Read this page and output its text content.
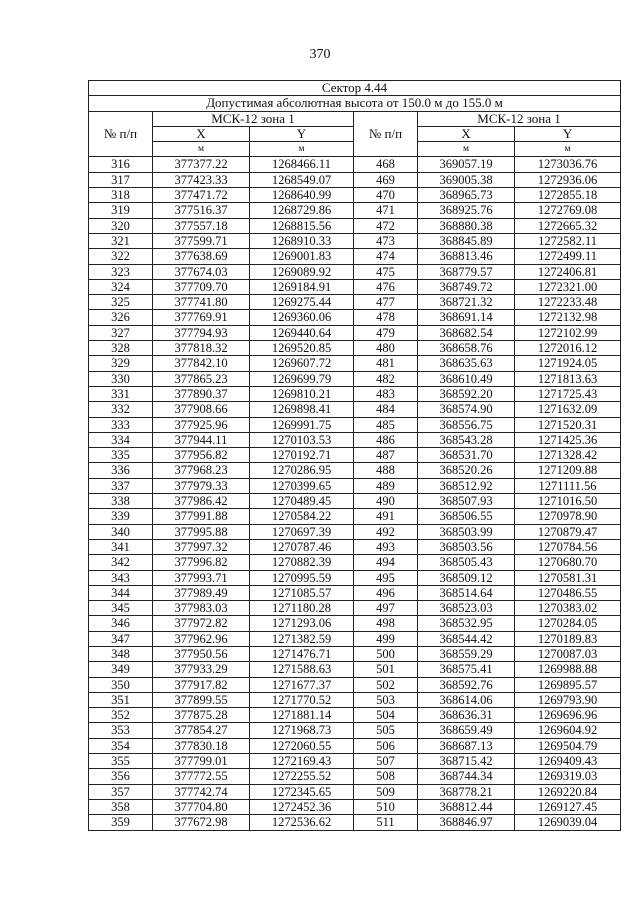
370
Сектор 4.44					
Допустимая абсолютная высота от 150.0 м до 155.0 м					
№ п/п	МСК-12 зона 1		№ п/п	МСК-12 зона 1	
	X	Y		X	Y
	м	м		м	м
316	377377.22	1268466.11	468	369057.19	1273036.76
317	377423.33	1268549.07	469	369005.38	1272936.06
318	377471.72	1268640.99	470	368965.73	1272855.18
319	377516.37	1268729.86	471	368925.76	1272769.08
320	377557.18	1268815.56	472	368880.38	1272665.32
321	377599.71	1268910.33	473	368845.89	1272582.11
322	377638.69	1269001.83	474	368813.46	1272499.11
323	377674.03	1269089.92	475	368779.57	1272406.81
324	377709.70	1269184.91	476	368749.72	1272321.00
325	377741.80	1269275.44	477	368721.32	1272233.48
326	377769.91	1269360.06	478	368691.14	1272132.98
327	377794.93	1269440.64	479	368682.54	1272102.99
328	377818.32	1269520.85	480	368658.76	1272016.12
329	377842.10	1269607.72	481	368635.63	1271924.05
330	377865.23	1269699.79	482	368610.49	1271813.63
331	377890.37	1269810.21	483	368592.20	1271725.43
332	377908.66	1269898.41	484	368574.90	1271632.09
333	377925.96	1269991.75	485	368556.75	1271520.31
334	377944.11	1270103.53	486	368543.28	1271425.36
335	377956.82	1270192.71	487	368531.70	1271328.42
336	377968.23	1270286.95	488	368520.26	1271209.88
337	377979.33	1270399.65	489	368512.92	1271111.56
338	377986.42	1270489.45	490	368507.93	1271016.50
339	377991.88	1270584.22	491	368506.55	1270978.90
340	377995.88	1270697.39	492	368503.99	1270879.47
341	377997.32	1270787.46	493	368503.56	1270784.56
342	377996.82	1270882.39	494	368505.43	1270680.70
343	377993.71	1270995.59	495	368509.12	1270581.31
344	377989.49	1271085.57	496	368514.64	1270486.55
345	377983.03	1271180.28	497	368523.03	1270383.02
346	377972.82	1271293.06	498	368532.95	1270284.05
347	377962.96	1271382.59	499	368544.42	1270189.83
348	377950.56	1271476.71	500	368559.29	1270087.03
349	377933.29	1271588.63	501	368575.41	1269988.88
350	377917.82	1271677.37	502	368592.76	1269895.57
351	377899.55	1271770.52	503	368614.06	1269793.90
352	377875.28	1271881.14	504	368636.31	1269696.96
353	377854.27	1271968.73	505	368659.49	1269604.92
354	377830.18	1272060.55	506	368687.13	1269504.79
355	377799.01	1272169.43	507	368715.42	1269409.43
356	377772.55	1272255.52	508	368744.34	1269319.03
357	377742.74	1272345.65	509	368778.21	1269220.84
358	377704.80	1272452.36	510	368812.44	1269127.45
359	377672.98	1272536.62	511	368846.97	1269039.04
